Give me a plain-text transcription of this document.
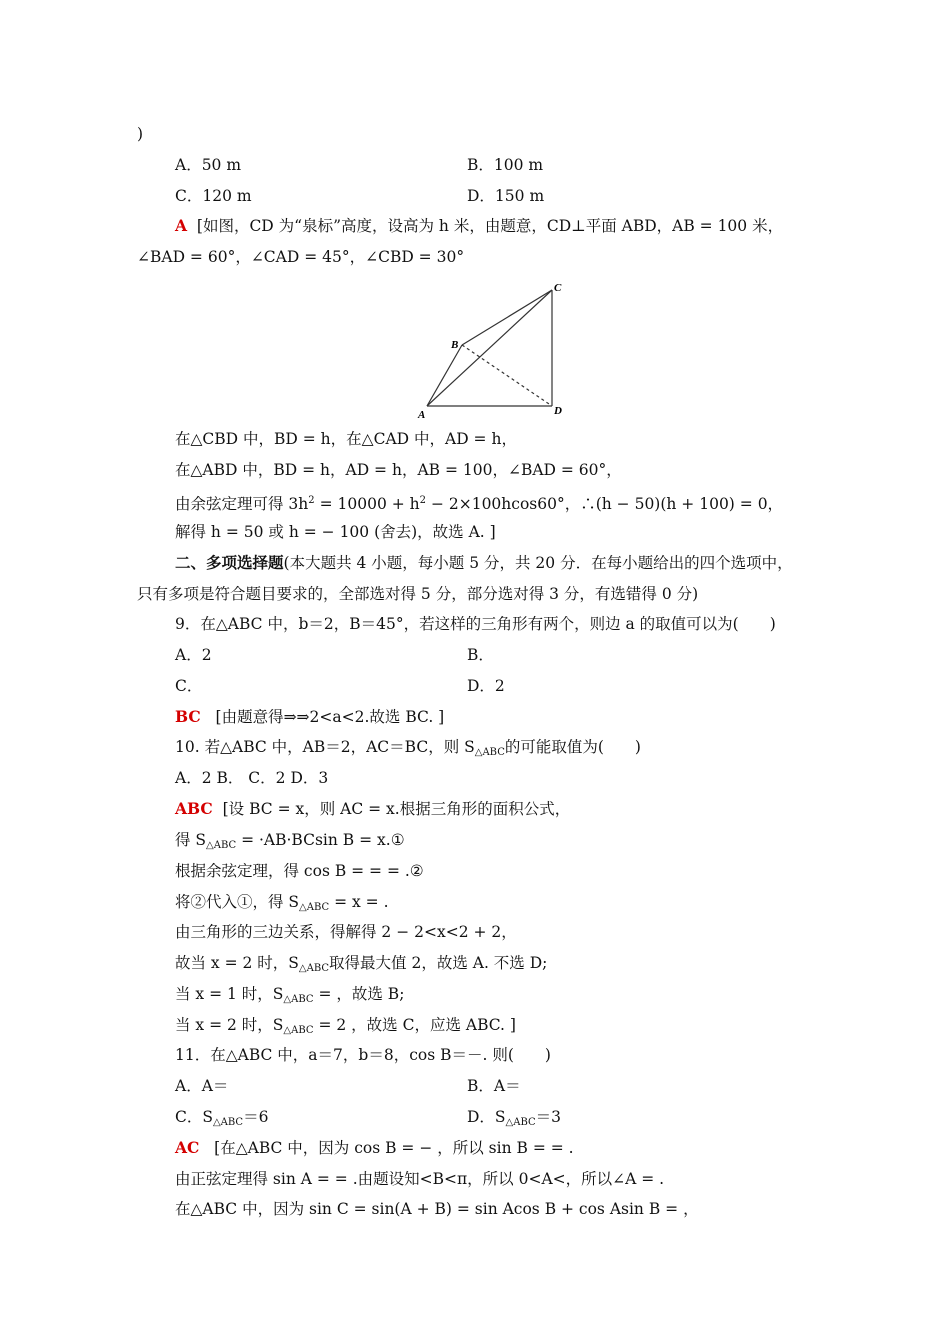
)
A．50 m	B．100 m
C．120 m	D．150 m
A [如图，CD 为“泉标”高度，设高为 h 米，由题意，CD⊥平面 ABD，AB = 100 米，
∠BAD = 60°，∠CAD = 45°，∠CBD = 30°
A
B
C
D
在△CBD 中，BD = h，在△CAD 中，AD = h，
在△ABD 中，BD = h，AD = h，AB = 100，∠BAD = 60°，
由余弦定理可得 $3h^2 = 10000 + h^2 - 2\times 100hcos60^\circ$，∴(h − 50)(h + 100) = 0，
解得 h = 50 或 h = − 100 (舍去)，故选 A. ]
二、多项选择题(本大题共 4 小题，每小题 5 分，共 20 分．在每小题给出的四个选项中，
只有多项是符合题目要求的，全部选对得 5 分，部分选对得 3 分，有选错得 0 分)
9．在△ABC 中，b＝2，B＝45°，若这样的三角形有两个，则边 a 的取值可以为(　　)
A．2	B．
C．	D．2
BC [由题意得⇒⇒2<a<2.故选 BC. ]
10. 若△ABC 中，AB＝2，AC＝BC，则 $S_{\triangle ABC}$的可能取值为(　　)
A．2 B． C．2 D．3
ABC [设 BC = x，则 AC = x.根据三角形的面积公式，
得 $S_{\triangle ABC} = \cdot AB\cdot BCsin$ B = x.①
根据余弦定理，得 cos B = = = .②
将②代入①，得 $S_{\triangle ABC} = x$ = .
由三角形的三边关系，得解得 2 − 2<x<2 + 2，
故当 x = 2 时，$S_{\triangle ABC}$取得最大值 2，故选 A. 不选 D;
当 x = 1 时，$S_{\triangle ABC}$ = ，故选 B;
当 x = 2 时，$S_{\triangle ABC} = 2$ ，故选 C，应选 ABC. ]
11．在△ABC 中，a＝7，b＝8，cos B＝－. 则(　　)
A．A＝	B．A＝
C．$S_{\triangle ABC}=6$	D．$S_{\triangle ABC}=3$
AC [在△ABC 中，因为 cos B = − ，所以 sin B = = .
由正弦定理得 sin A = = .由题设知<B<π，所以 0<A<，所以∠A = .
在△ABC 中，因为 sin C = sin(A + B) = sin Acos B + cos Asin B = ，
